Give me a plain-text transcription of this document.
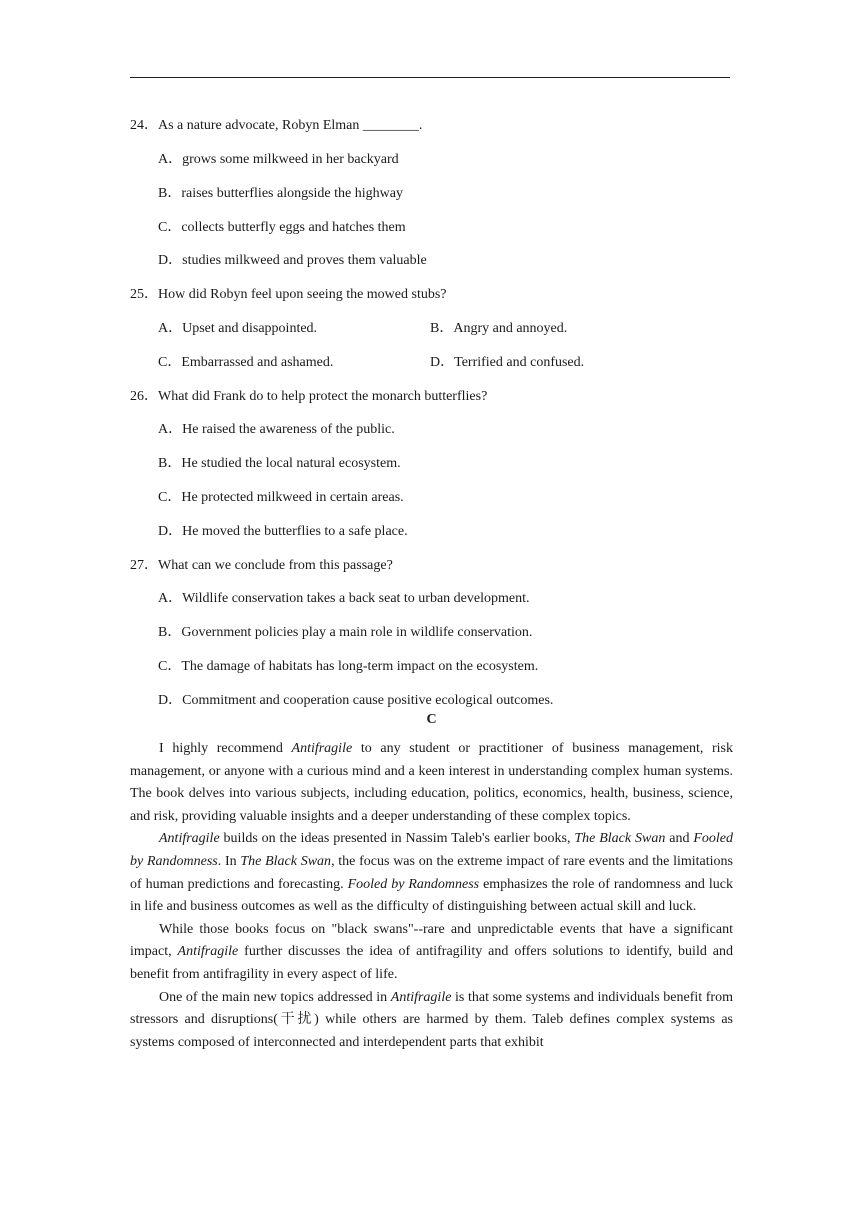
24．As a nature advocate, Robyn Elman ________.
A．grows some milkweed in her backyard
B．raises butterflies alongside the highway
C．collects butterfly eggs and hatches them
D．studies milkweed and proves them valuable
25．How did Robyn feel upon seeing the mowed stubs?
A．Upset and disappointed.	B．Angry and annoyed.
C．Embarrassed and ashamed.	D．Terrified and confused.
26．What did Frank do to help protect the monarch butterflies?
A．He raised the awareness of the public.
B．He studied the local natural ecosystem.
C．He protected milkweed in certain areas.
D．He moved the butterflies to a safe place.
27．What can we conclude from this passage?
A．Wildlife conservation takes a back seat to urban development.
B．Government policies play a main role in wildlife conservation.
C．The damage of habitats has long-term impact on the ecosystem.
D．Commitment and cooperation cause positive ecological outcomes.
C

I highly recommend Antifragile to any student or practitioner of business management, risk management, or anyone with a curious mind and a keen interest in understanding complex human systems. The book delves into various subjects, including education, politics, economics, health, business, science, and risk, providing valuable insights and a deeper understanding of these complex topics.

Antifragile builds on the ideas presented in Nassim Taleb's earlier books, The Black Swan and Fooled by Randomness. In The Black Swan, the focus was on the extreme impact of rare events and the limitations of human predictions and forecasting. Fooled by Randomness emphasizes the role of randomness and luck in life and business outcomes as well as the difficulty of distinguishing between actual skill and luck.

While those books focus on "black swans"--rare and unpredictable events that have a significant impact, Antifragile further discusses the idea of antifragility and offers solutions to identify, build and benefit from antifragility in every aspect of life.

One of the main new topics addressed in Antifragile is that some systems and individuals benefit from stressors and disruptions(干扰) while others are harmed by them. Taleb defines complex systems as systems composed of interconnected and interdependent parts that exhibit
